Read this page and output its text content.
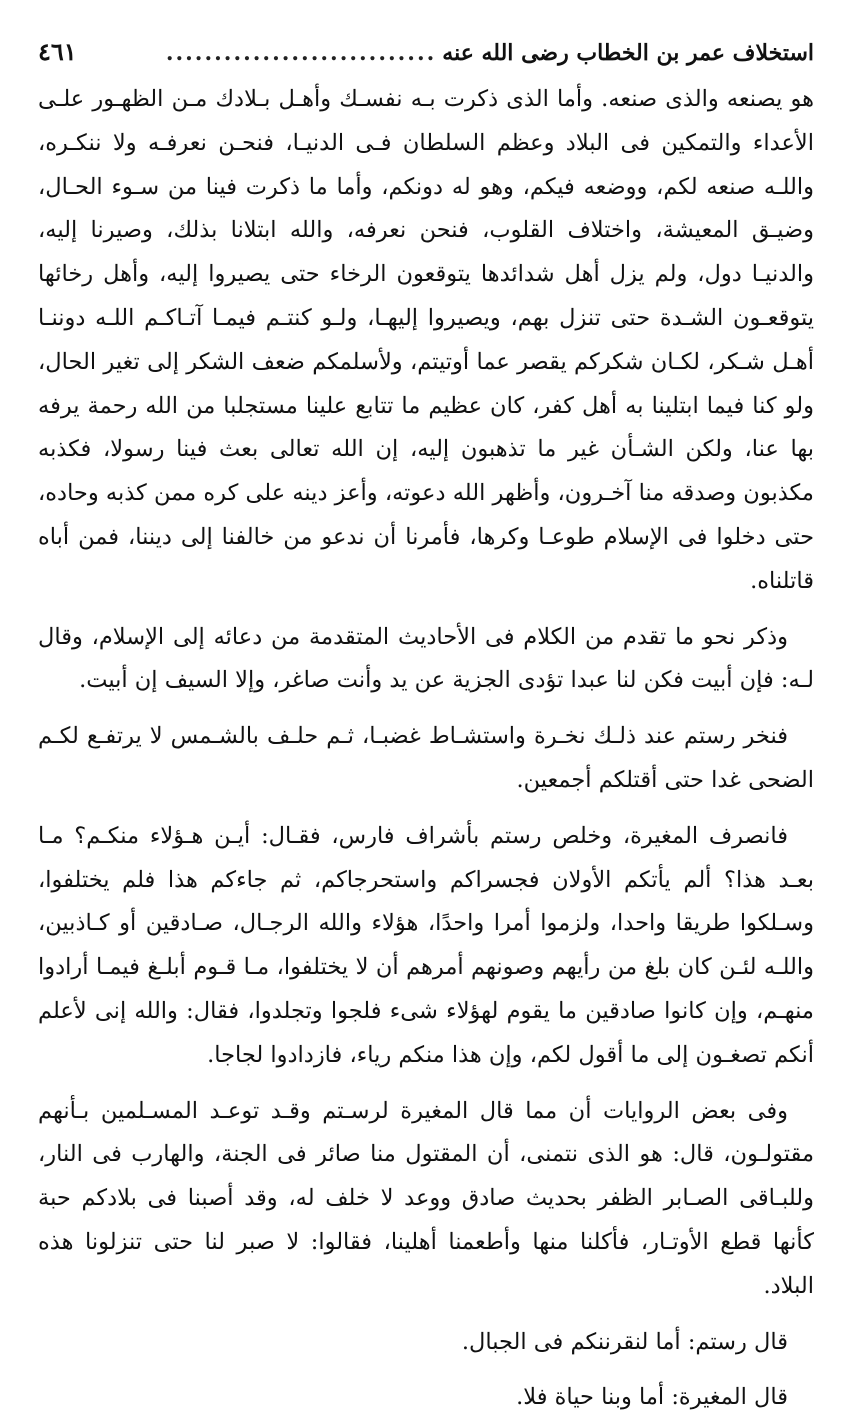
استخلاف عمر بن الخطاب رضى الله عنه
............................
٤٦١

هو يصنعه والذى صنعه. وأما الذى ذكرت بـه نفسـك وأهـل بـلادك مـن الظهـور علـى الأعداء والتمكين فى البلاد وعظم السلطان فـى الدنيـا، فنحـن نعرفـه ولا ننكـره، واللـه صنعه لكم، ووضعه فيكم، وهو له دونكم، وأما ما ذكرت فينا من سـوء الحـال، وضيـق المعيشة، واختلاف القلوب، فنحن نعرفه، والله ابتلانا بذلك، وصيرنا إليه، والدنيـا دول، ولم يزل أهل شدائدها يتوقعون الرخاء حتى يصيروا إليه، وأهل رخائها يتوقعـون الشـدة حتى تنزل بهم، ويصيروا إليهـا، ولـو كنتـم فيمـا آتـاكـم اللـه دوننـا أهـل شـكر، لكـان شكركم يقصر عما أوتيتم، ولأسلمكم ضعف الشكر إلى تغير الحال، ولو كنا فيما ابتلينا به أهل كفر، كان عظيم ما تتابع علينا مستجلبا من الله رحمة يرفه بها عنا، ولكن الشـأن غير ما تذهبون إليه، إن الله تعالى بعث فينا رسولا، فكذبه مكذبون وصدقه منا آخـرون، وأظهر الله دعوته، وأعز دينه على كره ممن كذبه وحاده، حتى دخلوا فى الإسلام طوعـا وكرها، فأمرنا أن ندعو من خالفنا إلى ديننا، فمن أباه قاتلناه.

وذكر نحو ما تقدم من الكلام فى الأحاديث المتقدمة من دعائه إلى الإسلام، وقال لـه: فإن أبيت فكن لنا عبدا تؤدى الجزية عن يد وأنت صاغر، وإلا السيف إن أبيت.

فنخر رستم عند ذلـك نخـرة واستشـاط غضبـا، ثـم حلـف بالشـمس لا يرتفـع لكـم الضحى غدا حتى أقتلكم أجمعين.

فانصرف المغيرة، وخلص رستم بأشراف فارس، فقـال: أيـن هـؤلاء منكـم؟ مـا بعـد هذا؟ ألم يأتكم الأولان فجسراكم واستحرجاكم، ثم جاءكم هذا فلم يختلفوا، وسـلكوا طريقا واحدا، ولزموا أمرا واحدًا، هؤلاء والله الرجـال، صـادقين أو كـاذبين، واللـه لئـن كان بلغ من رأيهم وصونهم أمرهم أن لا يختلفوا، مـا قـوم أبلـغ فيمـا أرادوا منهـم، وإن كانوا صادقين ما يقوم لهؤلاء شىء فلجوا وتجلدوا، فقال: والله إنى لأعلم أنكم تصغـون إلى ما أقول لكم، وإن هذا منكم رياء، فازدادوا لجاجا.

وفى بعض الروايات أن مما قال المغيرة لرسـتم وقـد توعـد المسـلمين بـأنهم مقتولـون، قال: هو الذى نتمنى، أن المقتول منا صائر فى الجنة، والهارب فى النار، وللبـاقى الصـابر الظفر بحديث صادق ووعد لا خلف له، وقد أصبنا فى بلادكم حبة كأنها قطع الأوتـار، فأكلنا منها وأطعمنا أهلينا، فقالوا: لا صبر لنا حتى تنزلونا هذه البلاد.

قال رستم: أما لنقرننكم فى الجبال.

قال المغيرة: أما وبنا حياة فلا.
